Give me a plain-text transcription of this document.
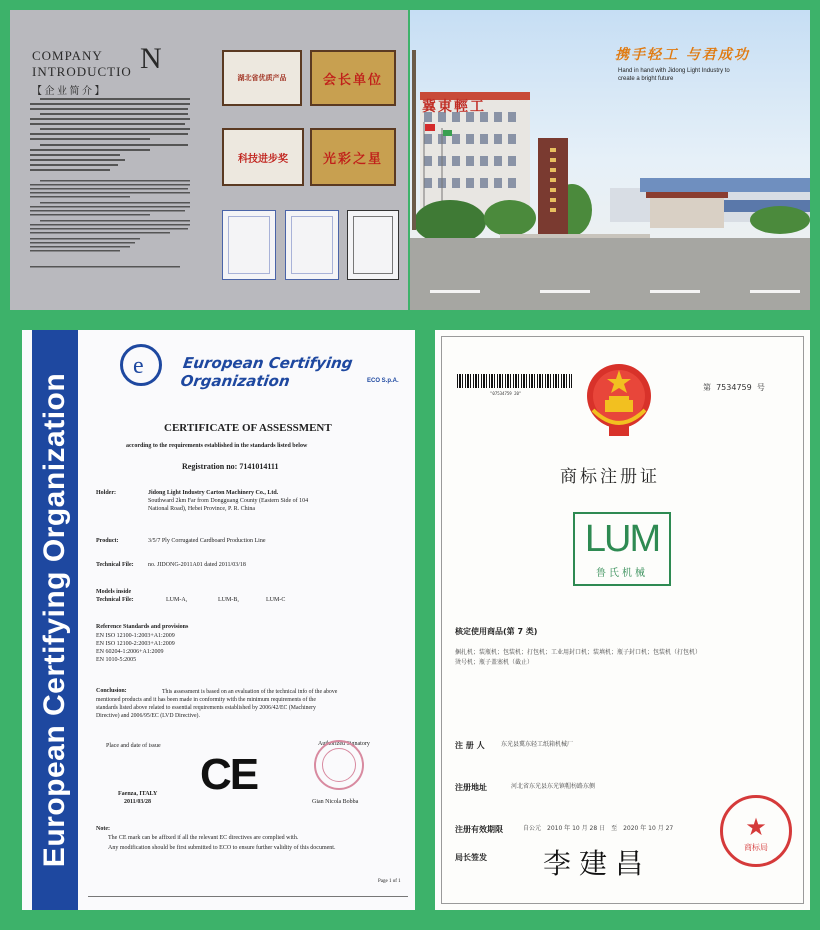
COMPANY
INTRODUCTIO N
【 企 业 简 介 】
湖北省优质产品	会长单位
科技进步奖	光彩之星
冀東輕工
携手轻工 与君成功
Hand in hand with Jidong Light Industry to
create a bright future
European Certifying Organization
e	European Certifying Organization	ECO S.p.A.
CERTIFICATE OF ASSESSMENT
according to the requirements established in the standards listed below
Registration no: 7141014111
Holder:	Jidong Light Industry Carton Machinery Co., Ltd.
Southward 2km Far from Dongguang County (Eastern Side of 104
National Road), Hebei Province, P. R. China
Product:	3/5/7 Ply Corrugated Cardboard Production Line
Technical File: no. JIDONG-2011A01 dated 2011/03/18
Models inside
Technical File:	LUM-A,	LUM-B,	LUM-C
Reference Standards and provisions
EN ISO 12100-1:2003+A1:2009
EN ISO 12100-2:2003+A1:2009
EN 60204-1:2006+A1:2009
EN 1010-5:2005
Conclusion:	This assessment is based on an evaluation of the technical info of the above
mentioned products and it has been made in conformity with the minimum requirements of the
standards listed above related to essential requirements established by 2006/42/EC (Machinery
Directive) and 2006/95/EC (LVD Directive).
Place and date of issue
Faenza, ITALY
2011/03/28
CE
Authorized Signatory
Gian Nicola Bobba
Note:
The CE mark can be affixed if all the relevant EC directives are complied with.
Any modification should be first submitted to ECO to ensure further validity of this document.
Page 1 of 1
"07534759 20"
第 7534759 号
商标注册证
LUM
鲁氏机械
核定使用商品(第 7 类)
捆扎机；装瓶机；包装机；打包机；工业用封口机；装填机；瓶子封口机；包装机（打包机）
烫号机；瓶子盖塞机（截止）
注 册 人	东光县冀东轻工纸箱机械厂
注册地址	河北省东光县东光镇帽枋路东侧
注册有效期限	自公元　2010 年 10 月 28 日　至　2020 年 10 月 27
局长签发 李建昌
★
商标局
